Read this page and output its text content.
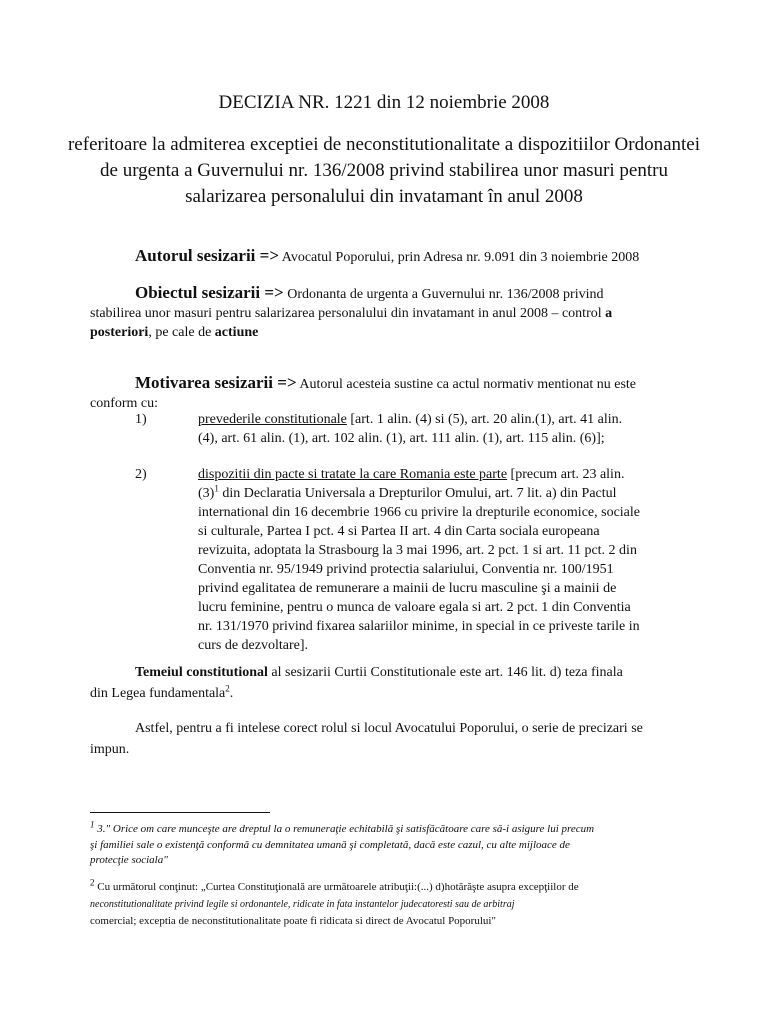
DECIZIA NR. 1221 din 12 noiembrie 2008
referitoare la admiterea exceptiei de neconstitutionalitate a dispozitiilor Ordonantei de urgenta a Guvernului nr. 136/2008 privind stabilirea unor masuri pentru salarizarea personalului din invatamant în anul 2008
Autorul sesizarii => Avocatul Poporului, prin Adresa nr. 9.091 din 3 noiembrie 2008
Obiectul sesizarii => Ordonanta de urgenta a Guvernului nr. 136/2008 privind
stabilirea unor masuri pentru salarizarea personalului din invatamant in anul 2008 – control a
posteriori, pe cale de actiune
Motivarea sesizarii => Autorul acesteia sustine ca actul normativ mentionat nu este
conform cu:
1)	prevederile constitutionale [art. 1 alin. (4) si (5), art. 20 alin.(1), art. 41 alin.
(4), art. 61 alin. (1), art. 102 alin. (1), art. 111 alin. (1), art. 115 alin. (6)];
2)	dispozitii din pacte si tratate la care Romania este parte [precum art. 23 alin.
$(3)^1$ din Declaratia Universala a Drepturilor Omului, art. 7 lit. a) din Pactul
international din 16 decembrie 1966 cu privire la drepturile economice, sociale
si culturale, Partea I pct. 4 si Partea II art. 4 din Carta sociala europeana
revizuita, adoptata la Strasbourg la 3 mai 1996, art. 2 pct. 1 si art. 11 pct. 2 din
Conventia nr. 95/1949 privind protectia salariului, Conventia nr. 100/1951
privind egalitatea de remunerare a mainii de lucru masculine şi a mainii de
lucru feminine, pentru o munca de valoare egala si art. 2 pct. 1 din Conventia
nr. 131/1970 privind fixarea salariilor minime, in special in ce priveste tarile in
curs de dezvoltare].
Temeiul constitutional al sesizarii Curtii Constitutionale este art. 146 lit. d) teza finala
din Legea fundamentala$^2$.
Astfel, pentru a fi intelese corect rolul si locul Avocatului Poporului, o serie de precizari se
impun.
$^1$ 3." Orice om care munceşte are dreptul la o remuneraţie echitabilă şi satisfăcătoare care să-i asigure lui precum
şi familiei sale o existenţă conformă cu demnitatea umană şi completată, dacă este cazul, cu alte mijloace de
protecţie sociala"
$^2$ Cu următorul conţinut: „Curtea Constituţională are următoarele atribuţii:(...) d)hotărăşte asupra excepţiilor de
neconstitutionalitate privind legile si ordonantele, ridicate in fata instantelor judecatoresti sau de arbitraj
comercial; exceptia de neconstitutionalitate poate fi ridicata si direct de Avocatul Poporului"
